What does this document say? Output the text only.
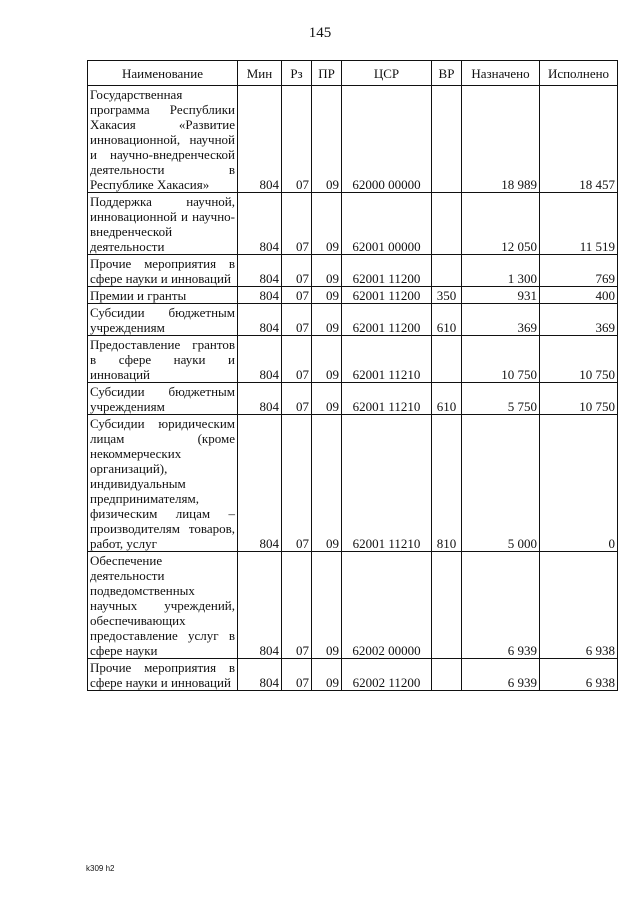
145
Наименование	Мин	Рз	ПР	ЦСР	ВР	Назначено	Исполнено
Государственная программа Республики Хакасия «Развитие инновационной, научной и научно-внедренческой деятельности в Республике Хакасия»	804	07	09	62000 00000		18 989	18 457
Поддержка научной, инновационной и научно-внедренческой деятельности	804	07	09	62001 00000		12 050	11 519
Прочие мероприятия в сфере науки и инноваций	804	07	09	62001 11200		1 300	769
Премии и гранты	804	07	09	62001 11200	350	931	400
Субсидии бюджетным учреждениям	804	07	09	62001 11200	610	369	369
Предоставление грантов в сфере науки и инноваций	804	07	09	62001 11210		10 750	10 750
Субсидии бюджетным учреждениям	804	07	09	62001 11210	610	5 750	10 750
Субсидии юридическим лицам (кроме некоммерческих организаций), индивидуальным предпринимателям, физическим лицам – производителям товаров, работ, услуг	804	07	09	62001 11210	810	5 000	0
Обеспечение деятельности подведомственных научных учреждений, обеспечивающих предоставление услуг в сфере науки	804	07	09	62002 00000		6 939	6 938
Прочие мероприятия в сфере науки и инноваций	804	07	09	62002 11200		6 939	6 938
k309 h2
